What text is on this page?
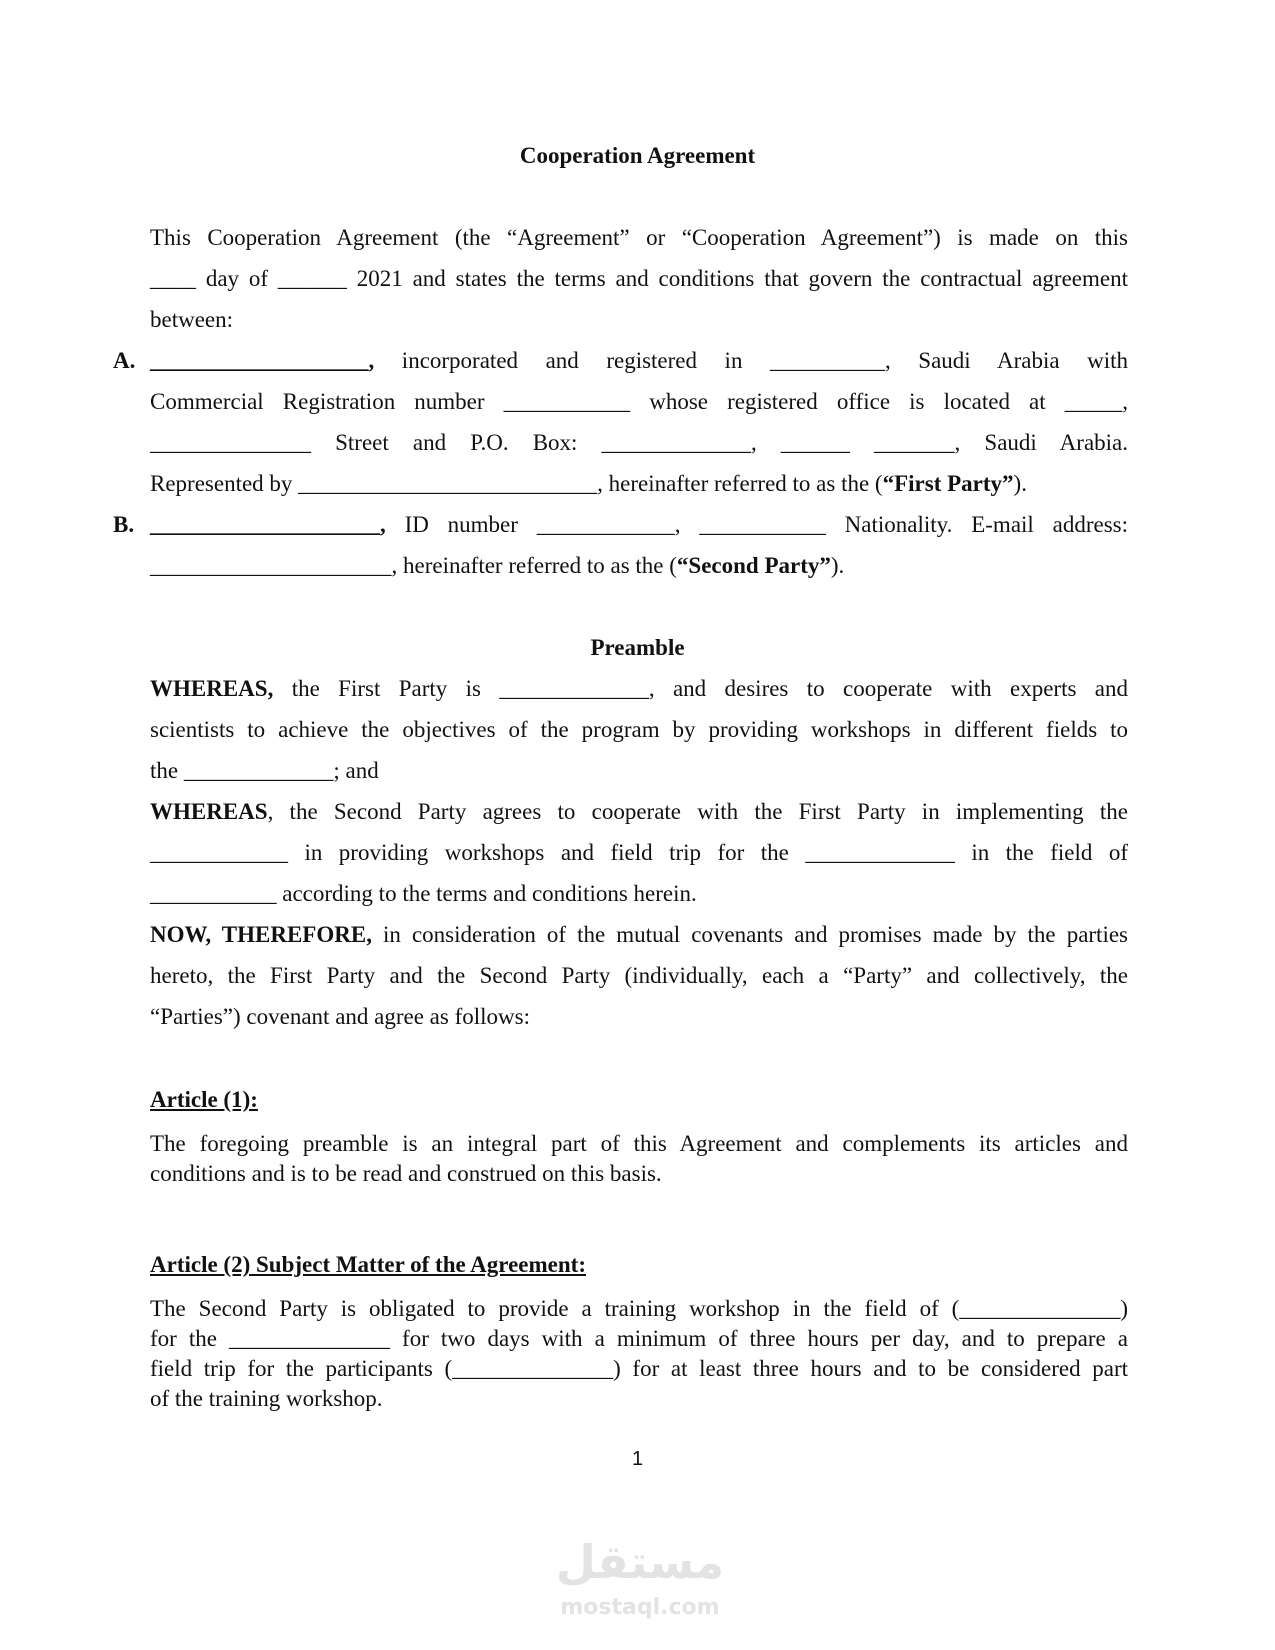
Cooperation Agreement
This Cooperation Agreement (the “Agreement” or “Cooperation Agreement”) is made on this
____ day of ______ 2021 and states the terms and conditions that govern the contractual agreement
between:
A. ___________________, incorporated and registered in __________, Saudi Arabia with
Commercial Registration number ___________ whose registered office is located at _____,
______________ Street and P.O. Box: _____________, ______ _______, Saudi Arabia.
Represented by __________________________, hereinafter referred to as the (“First Party”).
B. ____________________, ID number ____________, ___________ Nationality. E-mail address:
_____________________, hereinafter referred to as the (“Second Party”).
Preamble
WHEREAS, the First Party is _____________, and desires to cooperate with experts and
scientists to achieve the objectives of the program by providing workshops in different fields to
the _____________; and
WHEREAS, the Second Party agrees to cooperate with the First Party in implementing the
____________ in providing workshops and field trip for the _____________ in the field of
___________ according to the terms and conditions herein.
NOW, THEREFORE, in consideration of the mutual covenants and promises made by the parties
hereto, the First Party and the Second Party (individually, each a “Party” and collectively, the
“Parties”) covenant and agree as follows:
Article (1):
The foregoing preamble is an integral part of this Agreement and complements its articles and
conditions and is to be read and construed on this basis.
Article (2) Subject Matter of the Agreement:
The Second Party is obligated to provide a training workshop in the field of (______________)
for the ______________ for two days with a minimum of three hours per day, and to prepare a
field trip for the participants (______________) for at least three hours and to be considered part
of the training workshop.
1
مستقل
mostaql.com
